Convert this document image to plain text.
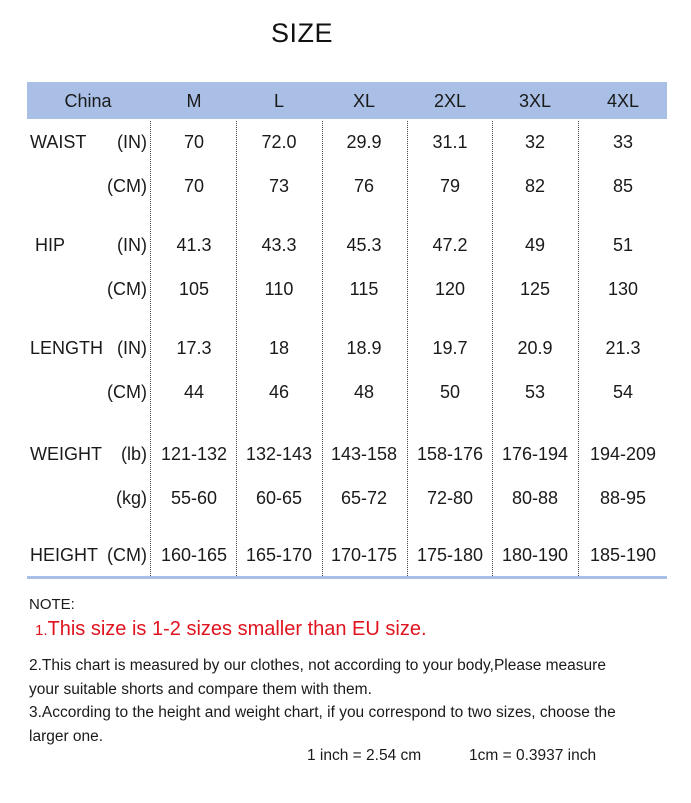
SIZE
China	M	L	XL	2XL	3XL	4XL
WAIST	(IN)	70	72.0	29.9	31.1	32	33
(CM)	70	73	76	79	82	85
HIP	(IN)	41.3	43.3	45.3	47.2	49	51
(CM)	105	110	115	120	125	130
LENGTH (IN)	17.3	18	18.9	19.7	20.9	21.3
(CM)	44	46	48	50	53	54
WEIGHT	(lb) 121-132	132-143	143-158	158-176	176-194	194-209
(kg)	55-60	60-65	65-72	72-80	80-88	88-95
HEIGHT (CM) 160-165	165-170	170-175	175-180	180-190	185-190
NOTE:
1.This size is 1-2 sizes smaller than EU size.
2.This chart is measured by our clothes, not according to your body,Please measure your suitable shorts and compare them with them.
3.According to the height and weight chart, if you correspond to two sizes, choose the larger one.
1 inch = 2.54 cm	1cm = 0.3937 inch
